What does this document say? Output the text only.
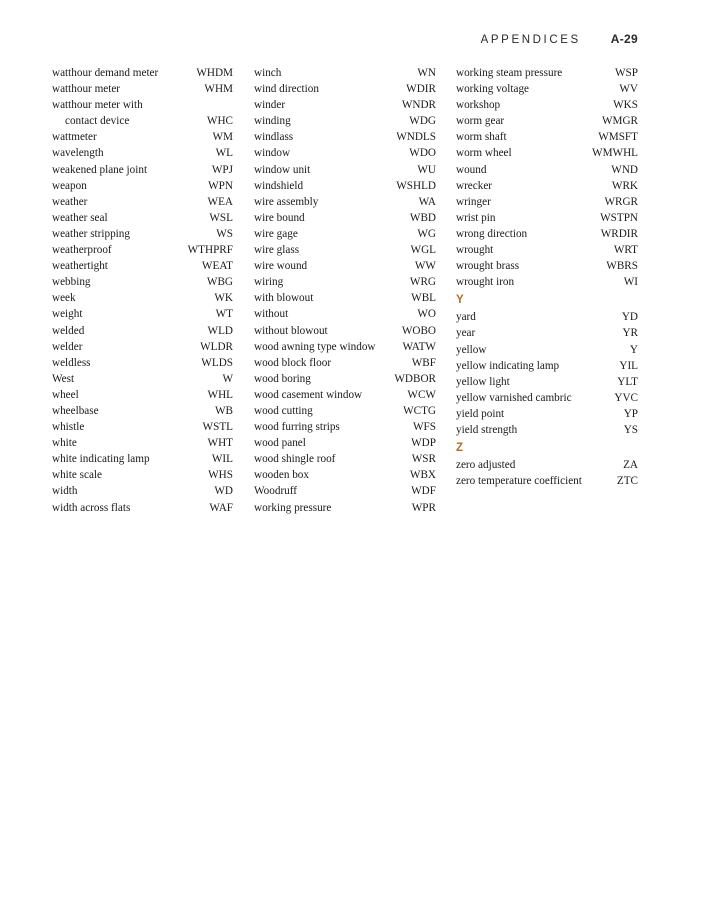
APPENDICES	A-29
watthour demand meter	WHDM
watthour meter	WHM
watthour meter with
contact device	WHC
wattmeter	WM
wavelength	WL
weakened plane joint	WPJ
weapon	WPN
weather	WEA
weather seal	WSL
weather stripping	WS
weatherproof	WTHPRF
weathertight	WEAT
webbing	WBG
week	WK
weight	WT
welded	WLD
welder	WLDR
weldless	WLDS
West	W
wheel	WHL
wheelbase	WB
whistle	WSTL
white	WHT
white indicating lamp	WIL
white scale	WHS
width	WD
width across flats	WAF
winch	WN
wind direction	WDIR
winder	WNDR
winding	WDG
windlass	WNDLS
window	WDO
window unit	WU
windshield	WSHLD
wire assembly	WA
wire bound	WBD
wire gage	WG
wire glass	WGL
wire wound	WW
wiring	WRG
with blowout	WBL
without	WO
without blowout	WOBO
wood awning type window WATW
wood block floor	WBF
wood boring	WDBOR
wood casement window	WCW
wood cutting	WCTG
wood furring strips	WFS
wood panel	WDP
wood shingle roof	WSR
wooden box	WBX
Woodruff	WDF
working pressure	WPR
working steam pressure	WSP
working voltage	WV
workshop	WKS
worm gear	WMGR
worm shaft	WMSFT
worm wheel	WMWHL
wound	WND
wrecker	WRK
wringer	WRGR
wrist pin	WSTPN
wrong direction	WRDIR
wrought	WRT
wrought brass	WBRS
wrought iron	WI
Y
yard	YD
year	YR
yellow	Y
yellow indicating lamp	YIL
yellow light	YLT
yellow varnished cambric	YVC
yield point	YP
yield strength	YS
Z
zero adjusted	ZA
zero temperature coefficient	ZTC
